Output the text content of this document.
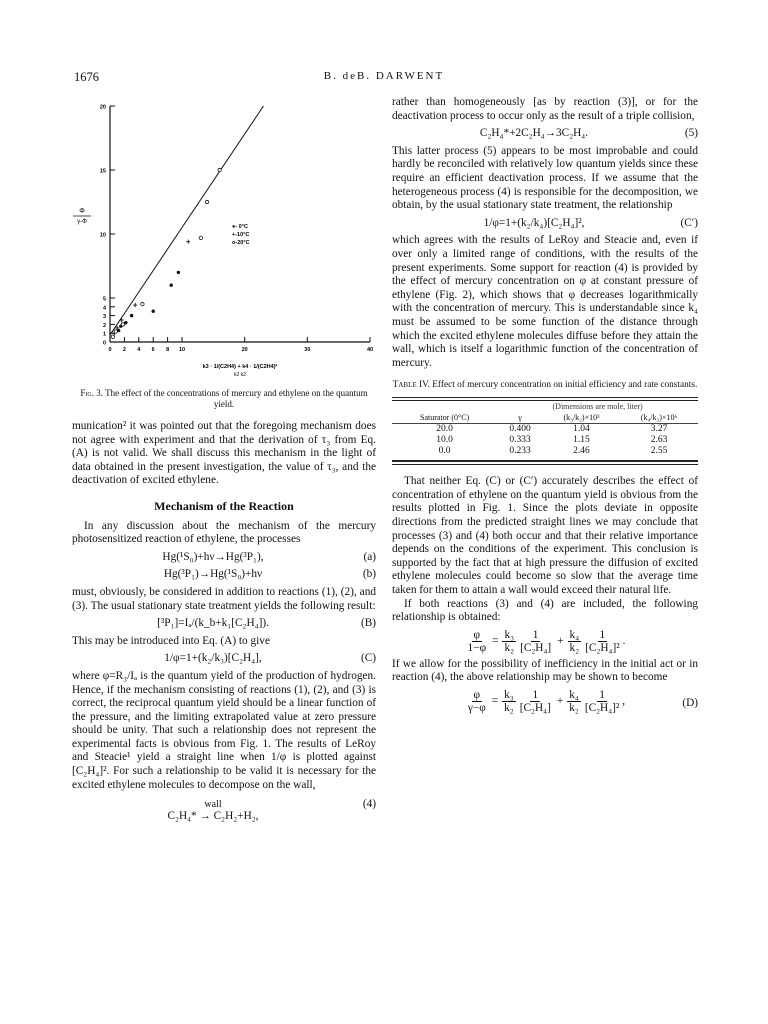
1676	B. deB. DARWENT
0
1
2
3
4
5
10
15
20
0 2 4 6 8 10	20	30	40
Φ
γ-Φ
k3 · 1/(C2H4) + k4 · 1/(C2H4)²
k2 k2
●- 0°C
+-10°C
o-20°C
Fig. 3. The effect of the concentrations of mercury and ethylene on the quantum yield.

munication² it was pointed out that the foregoing mechanism does not agree with experiment and that the derivation of τ₃ from Eq. (A) is not valid. We shall discuss this mechanism in the light of data obtained in the present investigation, the value of τ₃, and the deactivation of excited ethylene.

Mechanism of the Reaction

In any discussion about the mechanism of the mercury photosensitized reaction of ethylene, the processes

Hg(¹S₀)+hν→Hg(³P₁),	(a)
Hg(³P₁)→Hg(¹S₀)+hν	(b)

must, obviously, be considered in addition to reactions (1), (2), and (3). The usual stationary state treatment yields the following result:

[³P₁]=Iₐ/(k_b+k₁[C₂H₄]).	(B)

This may be introduced into Eq. (A) to give

1/φ=1+(k₂/k₃)[C₂H₄],	(C)

where φ=R₃/Iₐ is the quantum yield of the production of hydrogen. Hence, if the mechanism consisting of reactions (1), (2), and (3) is correct, the reciprocal quantum yield should be a linear function of the pressure, and the limiting extrapolated value at zero pressure should be unity. That such a relationship does not represent the experimental facts is obvious from Fig. 1. The results of LeRoy and Steacie¹ yield a straight line when 1/φ is plotted against [C₂H₄]². For such a relationship to be valid it is necessary for the excited ethylene molecules to decompose on the wall,

wall
C₂H₄* → C₂H₂+H₂,
(4)

rather than homogeneously [as by reaction (3)], or for the deactivation process to occur only as the result of a triple collision,

C₂H₄*+2C₂H₄→3C₂H₄.	(5)

This latter process (5) appears to be most improbable and could hardly be reconciled with relatively low quantum yields since these require an efficient deactivation process. If we assume that the heterogeneous process (4) is responsible for the decomposition, we obtain, by the usual stationary state treatment, the relationship

1/φ=1+(k₂/k₄)[C₂H₄]²,	(C′)

which agrees with the results of LeRoy and Steacie and, even if over only a limited range of conditions, with the results of the present experiments. Some support for reaction (4) is provided by the effect of mercury concentration on φ at constant pressure of ethylene (Fig. 2), which shows that φ decreases logarithmically with the concentration of mercury. This is understandable since k₄ must be assumed to be some function of the distance through which the excited ethylene molecules diffuse before they attain the wall, which is itself a logarithmic function of the concentration of mercury.

Table IV. Effect of mercury concentration on initial efficiency and rate constants.

	(Dimensions are mole, liter)		
Saturator (0°C)	γ	(k₃/k₂)×10³	(k₄/k₂)×10⁶
20.0	0.400	1.04	3.27
10.0	0.333	1.15	2.63
0.0	0.233	2.46	2.55

That neither Eq. (C) or (C′) accurately describes the effect of concentration of ethylene on the quantum yield is obvious from the results plotted in Fig. 1. Since the plots deviate in opposite directions from the predicted straight lines we may conclude that processes (3) and (4) both occur and that their relative importance depends on the conditions of the experiment. This conclusion is supported by the fact that at high pressure the diffusion of excited ethylene molecules could become so slow that the average time taken for them to attain a wall would exceed their natural life.

If both reactions (3) and (4) are included, the following relationship is obtained:

$\frac{\varphi}{1-\varphi} = \frac{\text{k₃}}{\text{k₂}} \frac{1}{\text{[C₂H₄]}} + \frac{\text{k₄}}{\text{k₂}} \frac{1}{\text{[C₂H₄]²}}$ .

If we allow for the possibility of inefficiency in the initial act or in reaction (4), the above relationship may be shown to become

$\frac{\varphi}{\gamma-\varphi} = \frac{\text{k₃}}{\text{k₂}} \frac{1}{\text{[C₂H₄]}} + \frac{\text{k₄}}{\text{k₂}} \frac{1}{\text{[C₂H₄]²}}$ ,	(D)
